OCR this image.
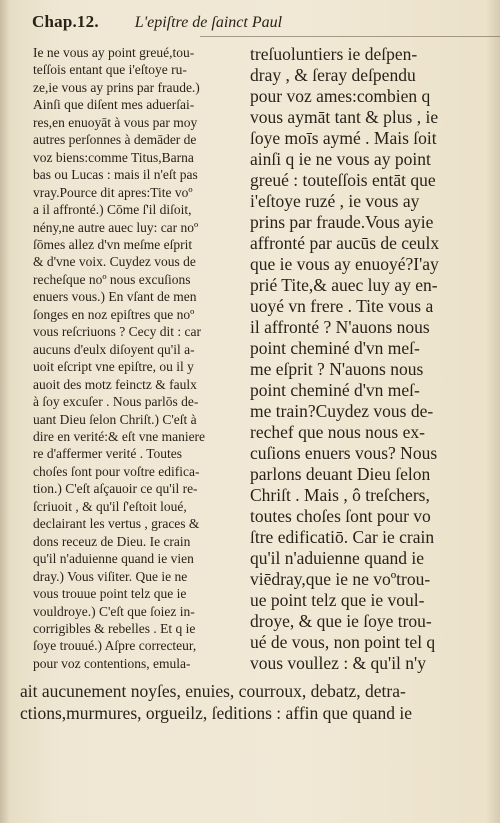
Chap.12. L'epiſtre de ſainct Paul
Ie ne vous ay point greué,tou-
teſſois entant que i'eſtoye ru-
ze,ie vous ay prins par fraude.)
Ainſi que diſent mes aduerſai-
res,en enuoyāt à vous par moy
autres perſonnes à demāder de
voz biens:comme Titus,Barna
bas ou Lucas : mais il n'eſt pas
vray.Pource dit apres:Tite voº
a il affronté.) Cōme ſ'il diſoit,
nény,ne autre auec luy: car noº
ſōmes allez d'vn meſme eſprit
& d'vne voix. Cuydez vous de
recheſque noº nous excuſions
enuers vous.) En vſant de men
ſonges en noz epiſtres que noº
vous reſcriuons ? Cecy dit : car
aucuns d'eulx diſoyent qu'il a-
uoit eſcript vne epiſtre, ou il y
auoit des motz feinctz & faulx
à ſoy excuſer . Nous parlōs de-
uant Dieu ſelon Chriſt.) C'eſt à
dire en verité:& eſt vne maniere
re d'affermer verité . Toutes
choſes ſont pour voſtre edifica-
tion.) C'eſt aſçauoir ce qu'il re-
ſcriuoit , & qu'il ſ'eſtoit loué,
declairant les vertus , graces &
dons receuz de Dieu. Ie crain
qu'il n'aduienne quand ie vien
dray.) Vous viſiter. Que ie ne
vous trouue point telz que ie
vouldroye.) C'eſt que ſoiez in-
corrigibles & rebelles . Et q ie
ſoye trouué.) Aſpre correcteur,
pour voz contentions, emula-
treſuoluntiers ie deſpen-
dray , & ſeray deſpendu
pour voz ames:combien q
vous aymāt tant & plus , ie
ſoye moīs aymé . Mais ſoit
ainſi q ie ne vous ay point
greué : touteſſois entāt que
i'eſtoye ruzé , ie vous ay
prins par fraude.Vous ayie
affronté par aucūs de ceulx
que ie vous ay enuoyé?I'ay
prié Tite,& auec luy ay en-
uoyé vn frere . Tite vous a
il affronté ? N'auons nous
point cheminé d'vn meſ-
me eſprit ? N'auons nous
point cheminé d'vn meſ-
me train?Cuydez vous de-
rechef que nous nous ex-
cuſions enuers vous? Nous
parlons deuant Dieu ſelon
Chriſt . Mais , ô treſchers,
toutes choſes ſont pour vo
ſtre edificatiō. Car ie crain
qu'il n'aduienne quand ie
viēdray,que ie ne voºtrou-
ue point telz que ie voul-
droye, & que ie ſoye trou-
ué de vous, non point tel q
vous voullez : & qu'il n'y
ait aucunement noyſes, enuies, courroux, debatz, detra-
ctions,murmures, orgueilz, ſeditions : affin que quand ie
